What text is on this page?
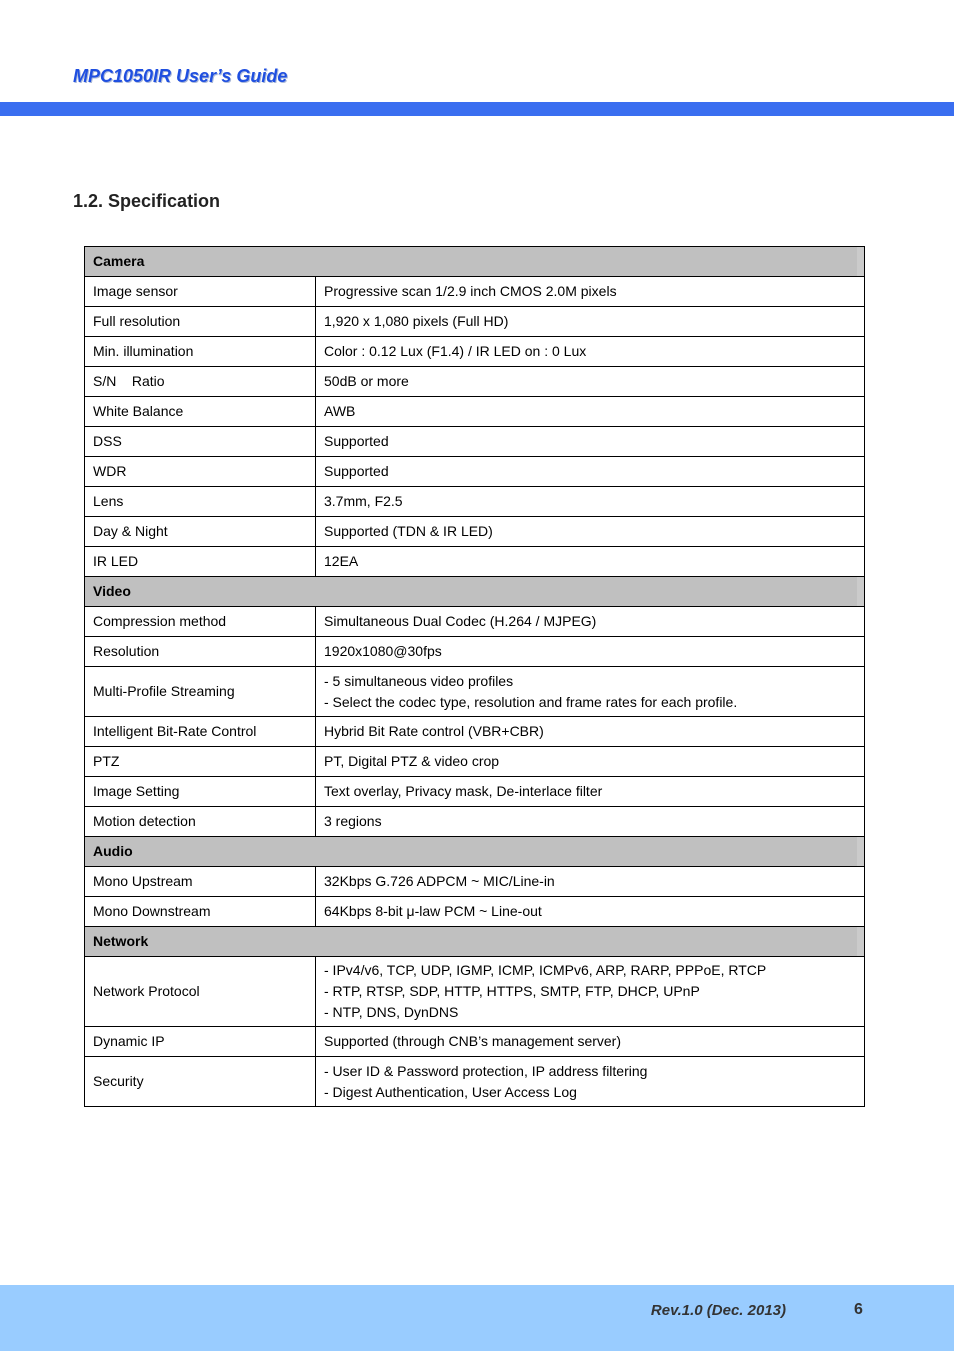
MPC1050IR User’s Guide
1.2. Specification
Camera	
Image sensor	Progressive scan 1/2.9 inch CMOS 2.0M pixels
Full resolution	1,920 x 1,080 pixels (Full HD)
Min. illumination	Color : 0.12 Lux (F1.4) / IR LED on : 0 Lux
S/N    Ratio	50dB or more
White Balance	AWB
DSS	Supported
WDR	Supported
Lens	3.7mm, F2.5
Day & Night	Supported (TDN & IR LED)
IR LED	12EA
Video	
Compression method	Simultaneous Dual Codec (H.264 / MJPEG)
Resolution	1920x1080@30fps
Multi-Profile Streaming	- 5 simultaneous video profiles
- Select the codec type, resolution and frame rates for each profile.

Intelligent Bit-Rate Control	Hybrid Bit Rate control (VBR+CBR)
PTZ	PT, Digital PTZ & video crop
Image Setting	Text overlay, Privacy mask, De-interlace filter
Motion detection	3 regions
Audio	
Mono Upstream	32Kbps G.726 ADPCM ~ MIC/Line-in
Mono Downstream	64Kbps 8-bit μ-law PCM ~ Line-out
Network	
Network Protocol	- IPv4/v6, TCP, UDP, IGMP, ICMP, ICMPv6, ARP, RARP, PPPoE, RTCP
- RTP, RTSP, SDP, HTTP, HTTPS, SMTP, FTP, DHCP, UPnP
- NTP, DNS, DynDNS

Dynamic IP	Supported (through CNB’s management server)
Security	- User ID & Password protection, IP address filtering
- Digest Authentication, User Access Log
Rev.1.0 (Dec. 2013)	6
